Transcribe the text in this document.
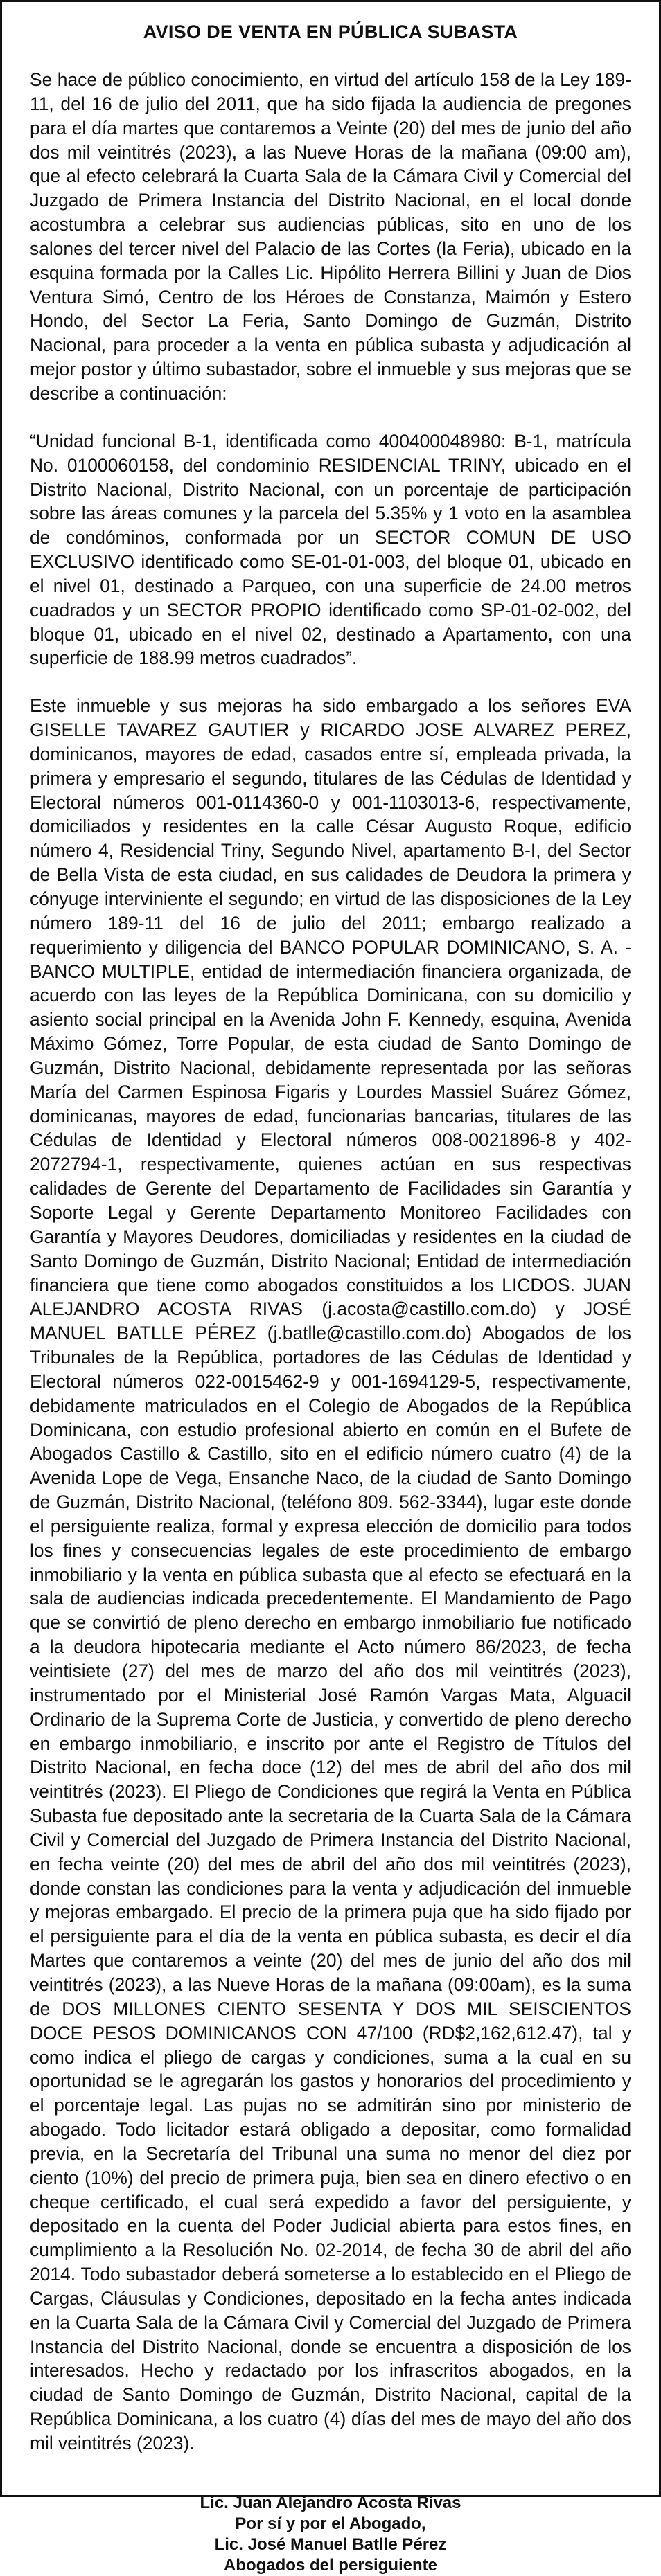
AVISO DE VENTA EN PÚBLICA SUBASTA

Se hace de público conocimiento, en virtud del artículo 158 de la Ley 189-11, del 16 de julio del 2011, que ha sido fijada la audiencia de pregones para el día martes que contaremos a Veinte (20) del mes de junio del año dos mil veintitrés (2023), a las Nueve Horas de la mañana (09:00 am), que al efecto celebrará la Cuarta Sala de la Cámara Civil y Comercial del Juzgado de Primera Instancia del Distrito Nacional, en el local donde acostumbra a celebrar sus audiencias públicas, sito en uno de los salones del tercer nivel del Palacio de las Cortes (la Feria), ubicado en la esquina formada por la Calles Lic. Hipólito Herrera Billini y Juan de Dios Ventura Simó, Centro de los Héroes de Constanza, Maimón y Estero Hondo, del Sector La Feria, Santo Domingo de Guzmán, Distrito Nacional, para proceder a la venta en pública subasta y adjudicación al mejor postor y último subastador, sobre el inmueble y sus mejoras que se describe a continuación:

“Unidad funcional B-1, identificada como 400400048980: B-1, matrícula No. 0100060158, del condominio RESIDENCIAL TRINY, ubicado en el Distrito Nacional, Distrito Nacional, con un porcentaje de participación sobre las áreas comunes y la parcela del 5.35% y 1 voto en la asamblea de condóminos, conformada por un SECTOR COMUN DE USO EXCLUSIVO identificado como SE-01-01-003, del bloque 01, ubicado en el nivel 01, destinado a Parqueo, con una superficie de 24.00 metros cuadrados y un SECTOR PROPIO identificado como SP-01-02-002, del bloque 01, ubicado en el nivel 02, destinado a Apartamento, con una superficie de 188.99 metros cuadrados”.

Este inmueble y sus mejoras ha sido embargado a los señores EVA GISELLE TAVAREZ GAUTIER y RICARDO JOSE ALVAREZ PEREZ, dominicanos, mayores de edad, casados entre sí, empleada privada, la primera y empresario el segundo, titulares de las Cédulas de Identidad y Electoral números 001-0114360-0 y 001-1103013-6, respectivamente, domiciliados y residentes en la calle César Augusto Roque, edificio número 4, Residencial Triny, Segundo Nivel, apartamento B-I, del Sector de Bella Vista de esta ciudad, en sus calidades de Deudora la primera y cónyuge interviniente el segundo; en virtud de las disposiciones de la Ley número 189-11 del 16 de julio del 2011; embargo realizado a requerimiento y diligencia del BANCO POPULAR DOMINICANO, S. A. - BANCO MULTIPLE, entidad de intermediación financiera organizada, de acuerdo con las leyes de la República Dominicana, con su domicilio y asiento social principal en la Avenida John F. Kennedy, esquina, Avenida Máximo Gómez, Torre Popular, de esta ciudad de Santo Domingo de Guzmán, Distrito Nacional, debidamente representada por las señoras María del Carmen Espinosa Figaris y Lourdes Massiel Suárez Gómez, dominicanas, mayores de edad, funcionarias bancarias, titulares de las Cédulas de Identidad y Electoral números 008-0021896-8 y 402-2072794-1, respectivamente, quienes actúan en sus respectivas calidades de Gerente del Departamento de Facilidades sin Garantía y Soporte Legal y Gerente Departamento Monitoreo Facilidades con Garantía y Mayores Deudores, domiciliadas y residentes en la ciudad de Santo Domingo de Guzmán, Distrito Nacional; Entidad de intermediación financiera que tiene como abogados constituidos a los LICDOS. JUAN ALEJANDRO ACOSTA RIVAS (j.acosta@castillo.com.do) y JOSÉ MANUEL BATLLE PÉREZ (j.batlle@castillo.com.do) Abogados de los Tribunales de la República, portadores de las Cédulas de Identidad y Electoral números 022-0015462-9 y 001-1694129-5, respectivamente, debidamente matriculados en el Colegio de Abogados de la República Dominicana, con estudio profesional abierto en común en el Bufete de Abogados Castillo & Castillo, sito en el edificio número cuatro (4) de la Avenida Lope de Vega, Ensanche Naco, de la ciudad de Santo Domingo de Guzmán, Distrito Nacional, (teléfono 809. 562-3344), lugar este donde el persiguiente realiza, formal y expresa elección de domicilio para todos los fines y consecuencias legales de este procedimiento de embargo inmobiliario y la venta en pública subasta que al efecto se efectuará en la sala de audiencias indicada precedentemente. El Mandamiento de Pago que se convirtió de pleno derecho en embargo inmobiliario fue notificado a la deudora hipotecaria mediante el Acto número 86/2023, de fecha veintisiete (27) del mes de marzo del año dos mil veintitrés (2023), instrumentado por el Ministerial José Ramón Vargas Mata, Alguacil Ordinario de la Suprema Corte de Justicia, y convertido de pleno derecho en embargo inmobiliario, e inscrito por ante el Registro de Títulos del Distrito Nacional, en fecha doce (12) del mes de abril del año dos mil veintitrés (2023). El Pliego de Condiciones que regirá la Venta en Pública Subasta fue depositado ante la secretaria de la Cuarta Sala de la Cámara Civil y Comercial del Juzgado de Primera Instancia del Distrito Nacional, en fecha veinte (20) del mes de abril del año dos mil veintitrés (2023), donde constan las condiciones para la venta y adjudicación del inmueble y mejoras embargado. El precio de la primera puja que ha sido fijado por el persiguiente para el día de la venta en pública subasta, es decir el día Martes que contaremos a veinte (20) del mes de junio del año dos mil veintitrés (2023), a las Nueve Horas de la mañana (09:00am), es la suma de DOS MILLONES CIENTO SESENTA Y DOS MIL SEISCIENTOS DOCE PESOS DOMINICANOS CON 47/100 (RD$2,162,612.47), tal y como indica el pliego de cargas y condiciones, suma a la cual en su oportunidad se le agregarán los gastos y honorarios del procedimiento y el porcentaje legal. Las pujas no se admitirán sino por ministerio de abogado. Todo licitador estará obligado a depositar, como formalidad previa, en la Secretaría del Tribunal una suma no menor del diez por ciento (10%) del precio de primera puja, bien sea en dinero efectivo o en cheque certificado, el cual será expedido a favor del persiguiente, y depositado en la cuenta del Poder Judicial abierta para estos fines, en cumplimiento a la Resolución No. 02-2014, de fecha 30 de abril del año 2014. Todo subastador deberá someterse a lo establecido en el Pliego de Cargas, Cláusulas y Condiciones, depositado en la fecha antes indicada en la Cuarta Sala de la Cámara Civil y Comercial del Juzgado de Primera Instancia del Distrito Nacional, donde se encuentra a disposición de los interesados. Hecho y redactado por los infrascritos abogados, en la ciudad de Santo Domingo de Guzmán, Distrito Nacional, capital de la República Dominicana, a los cuatro (4) días del mes de mayo del año dos mil veintitrés (2023).

Lic. Juan Alejandro Acosta Rivas
Por sí y por el Abogado,
Lic. José Manuel Batlle Pérez
Abogados del persiguiente
